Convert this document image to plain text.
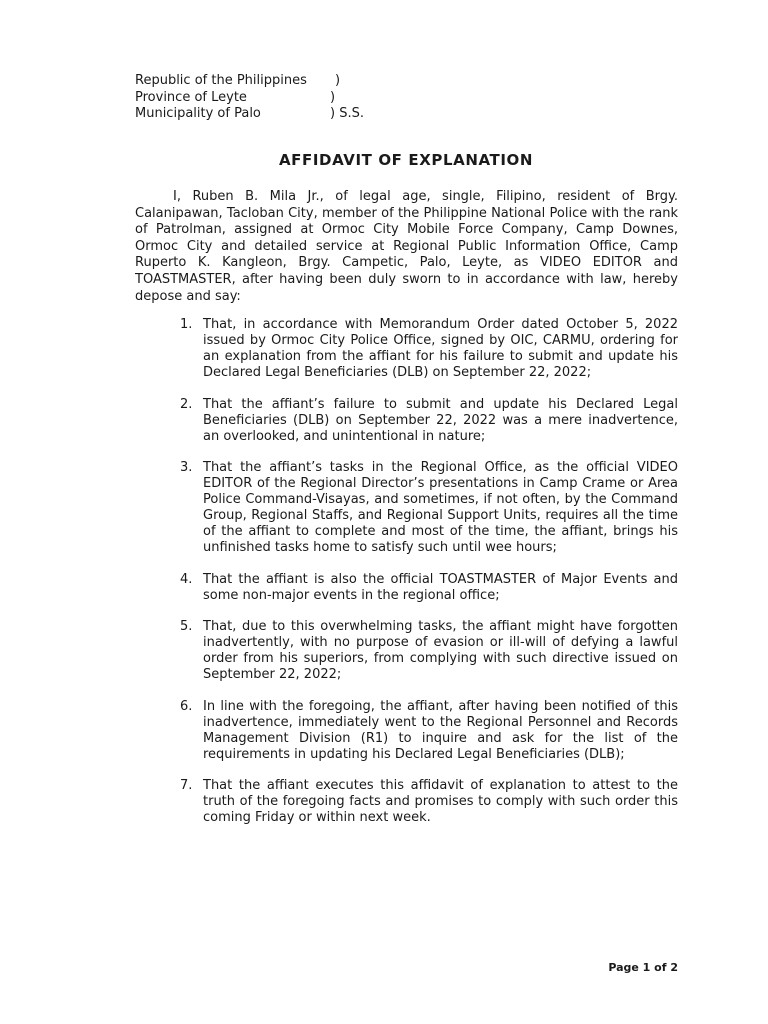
Republic of the Philippines )
Province of Leyte	)
Municipality of Palo	) S.S.
AFFIDAVIT OF EXPLANATION

I, Ruben B. Mila Jr., of legal age, single, Filipino, resident of Brgy. Calanipawan, Tacloban City, member of the Philippine National Police with the rank of Patrolman, assigned at Ormoc City Mobile Force Company, Camp Downes, Ormoc City and detailed service at Regional Public Information Office, Camp Ruperto K. Kangleon, Brgy. Campetic, Palo, Leyte, as VIDEO EDITOR and TOASTMASTER, after having been duly sworn to in accordance with law, hereby depose and say:

1. That, in accordance with Memorandum Order dated October 5, 2022 issued by Ormoc City Police Office, signed by OIC, CARMU, ordering for an explanation from the affiant for his failure to submit and update his Declared Legal Beneficiaries (DLB) on September 22, 2022;
2. That the affiant’s failure to submit and update his Declared Legal Beneficiaries (DLB) on September 22, 2022 was a mere inadvertence, an overlooked, and unintentional in nature;
3. That the affiant’s tasks in the Regional Office, as the official VIDEO EDITOR of the Regional Director’s presentations in Camp Crame or Area Police Command-Visayas, and sometimes, if not often, by the Command Group, Regional Staffs, and Regional Support Units, requires all the time of the affiant to complete and most of the time, the affiant, brings his unfinished tasks home to satisfy such until wee hours;
4. That the affiant is also the official TOASTMASTER of Major Events and some non-major events in the regional office;
5. That, due to this overwhelming tasks, the affiant might have forgotten inadvertently, with no purpose of evasion or ill-will of defying a lawful order from his superiors, from complying with such directive issued on September 22, 2022;
6. In line with the foregoing, the affiant, after having been notified of this inadvertence, immediately went to the Regional Personnel and Records Management Division (R1) to inquire and ask for the list of the requirements in updating his Declared Legal Beneficiaries (DLB);
7. That the affiant executes this affidavit of explanation to attest to the truth of the foregoing facts and promises to comply with such order this coming Friday or within next week.
Page 1 of 2
